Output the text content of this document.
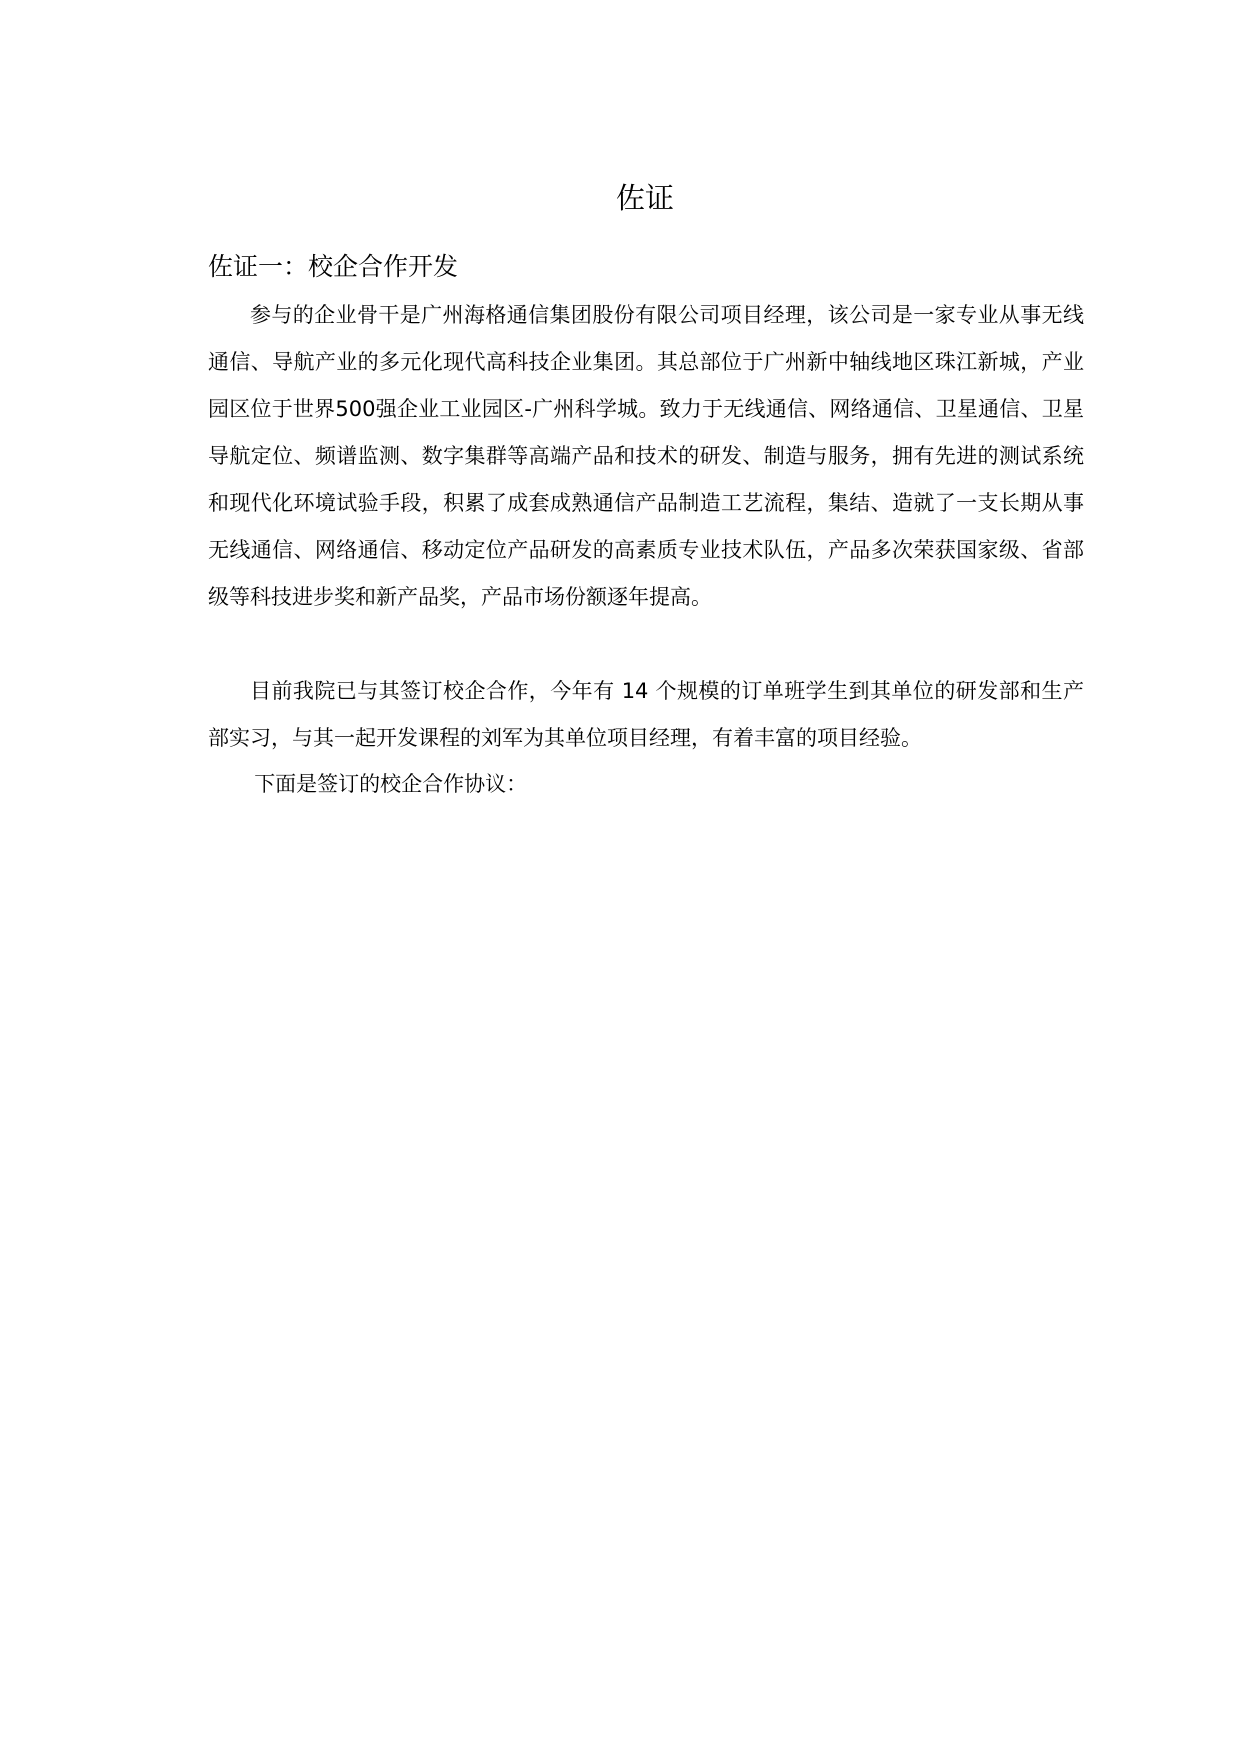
佐证
佐证一：校企合作开发

参与的企业骨干是广州海格通信集团股份有限公司项目经理，该公司是一家专业从事无线通信、导航产业的多元化现代高科技企业集团。其总部位于广州新中轴线地区珠江新城，产业园区位于世界500强企业工业园区-广州科学城。致力于无线通信、网络通信、卫星通信、卫星导航定位、频谱监测、数字集群等高端产品和技术的研发、制造与服务，拥有先进的测试系统和现代化环境试验手段，积累了成套成熟通信产品制造工艺流程，集结、造就了一支长期从事无线通信、网络通信、移动定位产品研发的高素质专业技术队伍，产品多次荣获国家级、省部级等科技进步奖和新产品奖，产品市场份额逐年提高。

目前我院已与其签订校企合作，今年有 14 个规模的订单班学生到其单位的研发部和生产部实习，与其一起开发课程的刘军为其单位项目经理，有着丰富的项目经验。

下面是签订的校企合作协议：
